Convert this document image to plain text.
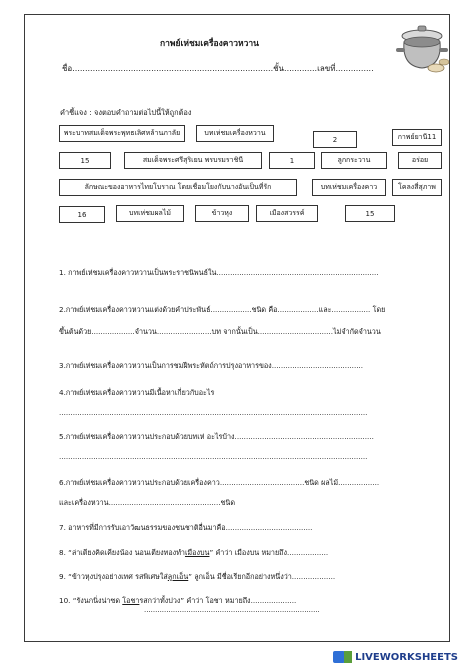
กาพย์เห่ชมเครื่องคาวหวาน
ชื่อ...............................................................................ชั้น.............เลขที่...............
คำชี้แจง : จงตอบคำถามต่อไปนี้ให้ถูกต้อง
พระบาทสมเด็จพระพุทธเลิศหล้านภาลัย	บทเห่ชมเครื่องหวาน
2	กาพย์ยานี11
15	สมเด็จพระศรีสุริเยน พรบรมราชินี	1	ลูกกระวาน	อร่อย
ลักษณะของอาหารไทยโบราณ โดยเชื่อมโยงกับนางอันเป็นที่รัก	บทเห่ชมเครื่องคาว	โคลงสี่สุภาพ
16	บทเห่ชมผลไม้	ข้าวหุง	เมืองสวรรค์	15
1. กาพย์เห่ชมเครื่องคาวหวานเป็นพระราชนิพนธ์ใน.......................................................................
2.กาพย์เห่ชมเครื่องคาวหวานแต่งด้วยคำประพันธ์..................ชนิด คือ..................และ................. โดย
ขึ้นต้นด้วย...................จำนวน........................บท จากนั้นเป็น.................................ไม่จำกัดจำนวน
3.กาพย์เห่ชมเครื่องคาวหวานเป็นการชมฝีพระหัตถ์การปรุงอาหารของ........................................
4.กาพย์เห่ชมเครื่องคาวหวานมีเนื้อหาเกี่ยวกับอะไร
.......................................................................................................................................
5.กาพย์เห่ชมเครื่องคาวหวานประกอบด้วยบทเห่ อะไรบ้าง.............................................................
.......................................................................................................................................
6.กาพย์เห่ชมเครื่องคาวหวานประกอบด้วยเครื่องคาว.....................................ชนิด ผลไม้..................
และเครื่องหวาน.................................................ชนิด
7. อาหารที่มีการรับเอาวัฒนธรรมของชนชาติอื่นมาคือ......................................
8. “ล่าเตียงคิดเคียงน้อง นอนเตียงทองทำเมืองบน” คำว่า เมืองบน หมายถึง..................
9. “ข้าวหุงปรุงอย่างเทศ รสพิเศษใส่ลูกเอ็น” ลูกเอ็น มีชื่อเรียกอีกอย่างหนึ่งว่า...................
10. “รังนกนิ่งน่าซด โอชารสกว่าทั้งปวง” คำว่า โอชา หมายถึง....................
...............................................................................
LIVEWORKSHEETS
